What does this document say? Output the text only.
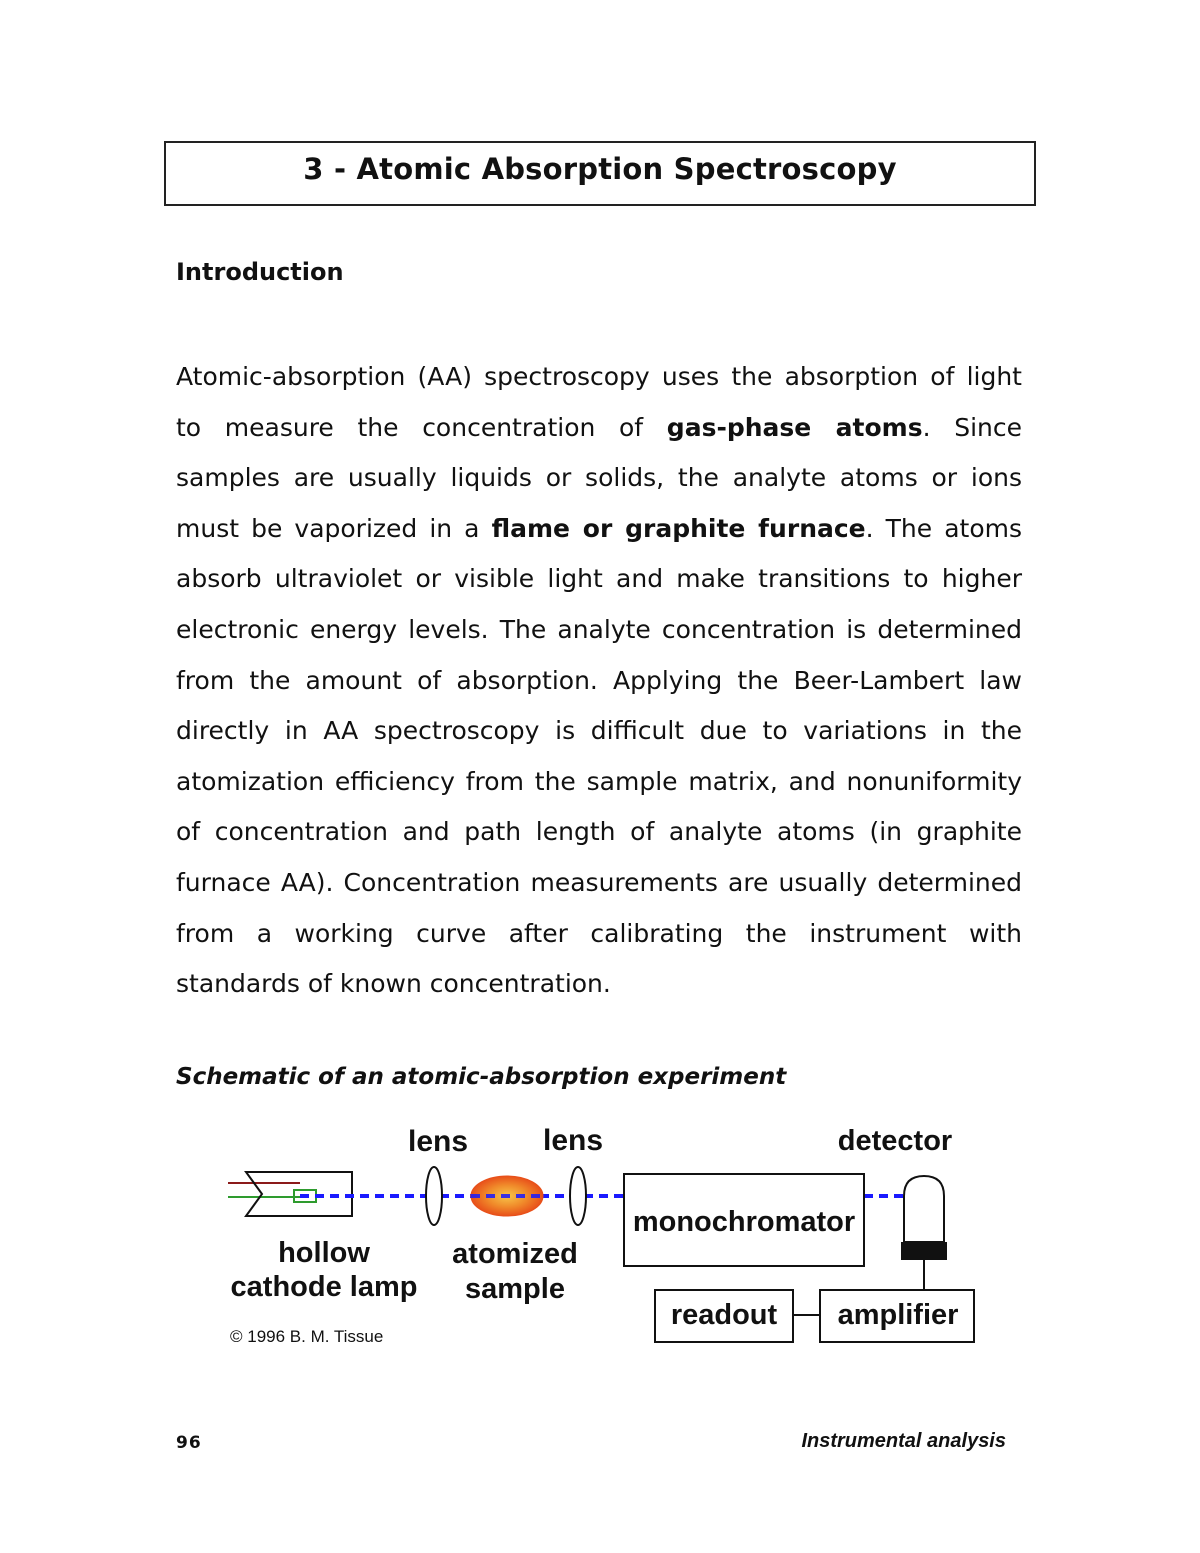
3 - Atomic Absorption Spectroscopy
Introduction

Atomic-absorption (AA) spectroscopy uses the absorption of light to measure the concentration of gas-phase atoms. Since samples are usually liquids or solids, the analyte atoms or ions must be vaporized in a flame or graphite furnace. The atoms absorb ultraviolet or visible light and make transitions to higher electronic energy levels. The analyte concentration is determined from the amount of absorption. Applying the Beer-Lambert law directly in AA spectroscopy is difficult due to variations in the atomization efficiency from the sample matrix, and nonuniformity of concentration and path length of analyte atoms (in graphite furnace AA). Concentration measurements are usually determined from a working curve after calibrating the instrument with standards of known concentration.

Schematic of an atomic-absorption experiment
lens lens	detector
hollow
cathode lamp
atomized
sample
monochromator
readout amplifier
© 1996 B. M. Tissue
96	Instrumental analysis
